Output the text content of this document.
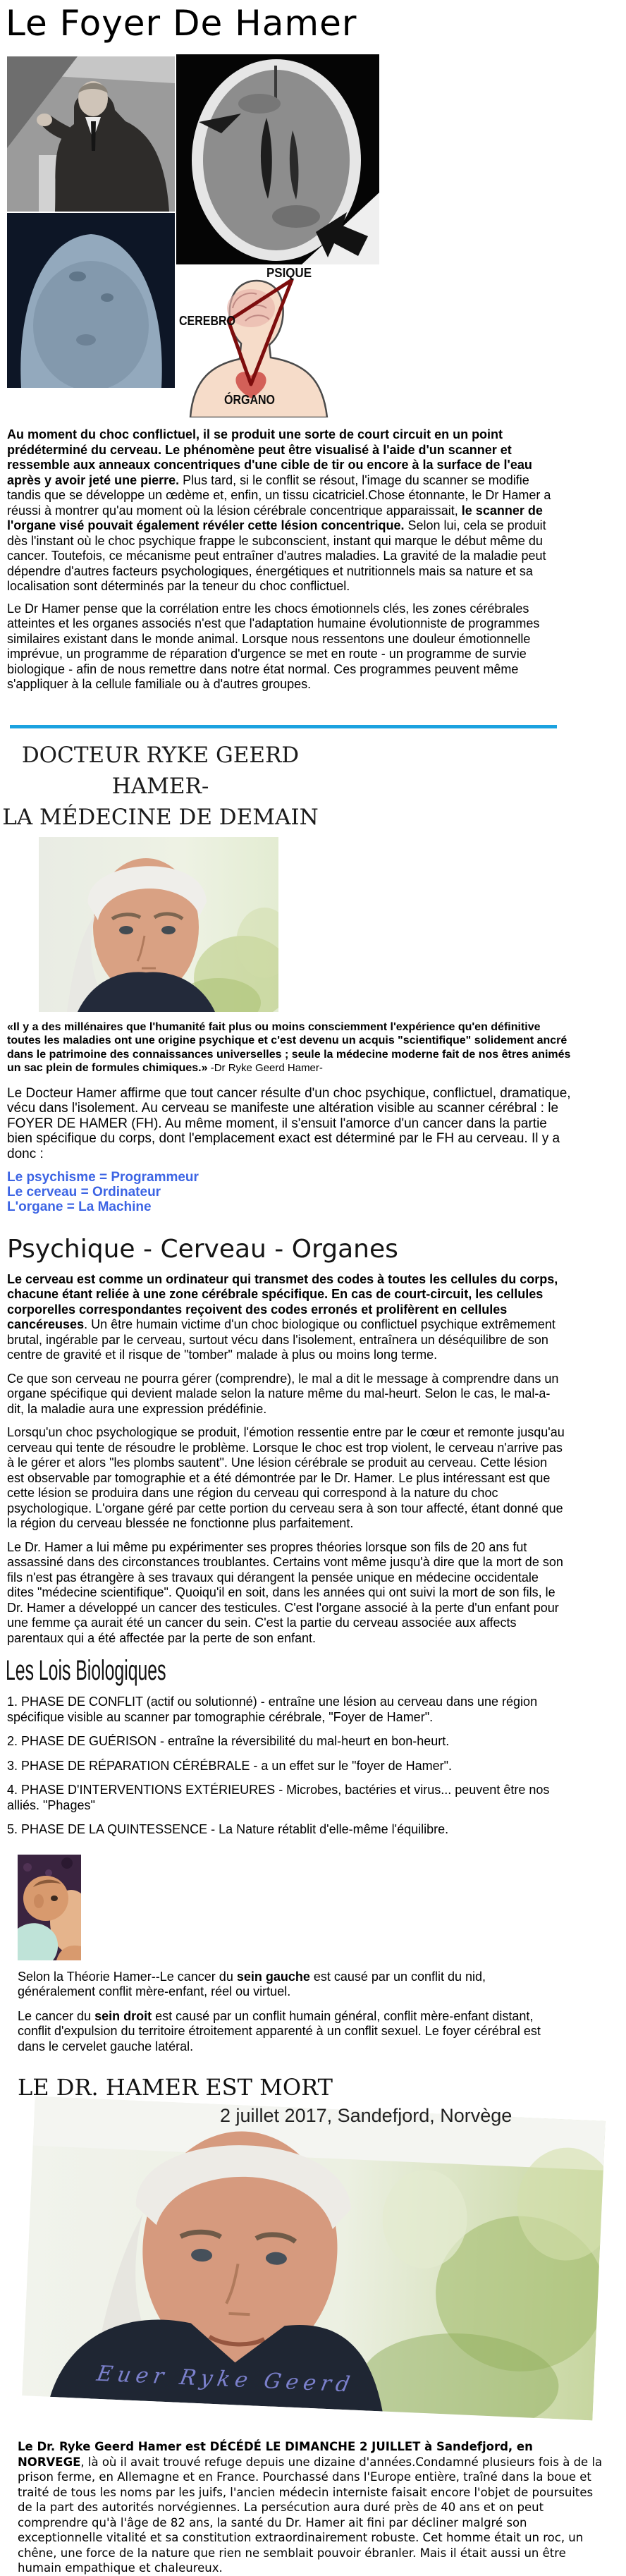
Le Foyer De Hamer
PSIQUE
CEREBRO
ÓRGANO

Au moment du choc conflictuel, il se produit une sorte de court circuit en un point prédéterminé du cerveau. Le phénomène peut être visualisé à l'aide d'un scanner et ressemble aux anneaux concentriques d'une cible de tir ou encore à la surface de l'eau après y avoir jeté une pierre. Plus tard, si le conflit se résout, l'image du scanner se modifie tandis que se développe un œdème et, enfin, un tissu cicatriciel.Chose étonnante, le Dr Hamer a réussi à montrer qu'au moment où la lésion cérébrale concentrique apparaissait, le scanner de l'organe visé pouvait également révéler cette lésion concentrique. Selon lui, cela se produit dès l'instant où le choc psychique frappe le subconscient, instant qui marque le début même du cancer. Toutefois, ce mécanisme peut entraîner d'autres maladies. La gravité de la maladie peut dépendre d'autres facteurs psychologiques, énergétiques et nutritionnels mais sa nature et sa localisation sont déterminés par la teneur du choc conflictuel.

Le Dr Hamer pense que la corrélation entre les chocs émotionnels clés, les zones cérébrales atteintes et les organes associés n'est que l'adaptation humaine évolutionniste de programmes similaires existant dans le monde animal. Lorsque nous ressentons une douleur émotionnelle imprévue, un programme de réparation d'urgence se met en route - un programme de survie biologique - afin de nous remettre dans notre état normal. Ces programmes peuvent même s'appliquer à la cellule familiale ou à d'autres groupes.

DOCTEUR RYKE GEERD HAMER-
LA MÉDECINE DE DEMAIN

«Il y a des millénaires que l'humanité fait plus ou moins consciemment l'expérience qu'en définitive toutes les maladies ont une origine psychique et c'est devenu un acquis "scientifique" solidement ancré dans le patrimoine des connaissances universelles ; seule la médecine moderne fait de nos êtres animés un sac plein de formules chimiques.» -Dr Ryke Geerd Hamer-

Le Docteur Hamer affirme que tout cancer résulte d'un choc psychique, conflictuel, dramatique, vécu dans l'isolement. Au cerveau se manifeste une altération visible au scanner cérébral : le FOYER DE HAMER (FH). Au même moment, il s'ensuit l'amorce d'un cancer dans la partie bien spécifique du corps, dont l'emplacement exact est déterminé par le FH au cerveau. Il y a donc :

Le psychisme = Programmeur
Le cerveau = Ordinateur
L'organe = La Machine
Psychique - Cerveau - Organes

Le cerveau est comme un ordinateur qui transmet des codes à toutes les cellules du corps, chacune étant reliée à une zone cérébrale spécifique. En cas de court-circuit, les cellules corporelles correspondantes reçoivent des codes erronés et prolifèrent en cellules cancéreuses. Un être humain victime d'un choc biologique ou conflictuel psychique extrêmement brutal, ingérable par le cerveau, surtout vécu dans l'isolement, entraînera un déséquilibre de son centre de gravité et il risque de "tomber" malade à plus ou moins long terme.

Ce que son cerveau ne pourra gérer (comprendre), le mal a dit le message à comprendre dans un organe spécifique qui devient malade selon la nature même du mal-heurt. Selon le cas, le mal-a-dit, la maladie aura une expression prédéfinie.

Lorsqu'un choc psychologique se produit, l'émotion ressentie entre par le cœur et remonte jusqu'au cerveau qui tente de résoudre le problème. Lorsque le choc est trop violent, le cerveau n'arrive pas à le gérer et alors "les plombs sautent". Une lésion cérébrale se produit au cerveau. Cette lésion est observable par tomographie et a été démontrée par le Dr. Hamer. Le plus intéressant est que cette lésion se produira dans une région du cerveau qui correspond à la nature du choc psychologique. L'organe géré par cette portion du cerveau sera à son tour affecté, étant donné que la région du cerveau blessée ne fonctionne plus parfaitement.

Le Dr. Hamer a lui même pu expérimenter ses propres théories lorsque son fils de 20 ans fut assassiné dans des circonstances troublantes. Certains vont même jusqu'à dire que la mort de son fils n'est pas étrangère à ses travaux qui dérangent la pensée unique en médecine occidentale dites "médecine scientifique". Quoiqu'il en soit, dans les années qui ont suivi la mort de son fils, le Dr. Hamer a développé un cancer des testicules. C'est l'organe associé à la perte d'un enfant pour une femme ça aurait été un cancer du sein. C'est la partie du cerveau associée aux affects parentaux qui a été affectée par la perte de son enfant.

Les Lois Biologiques
1. PHASE DE CONFLIT (actif ou solutionné) - entraîne une lésion au cerveau dans une région spécifique visible au scanner par tomographie cérébrale, "Foyer de Hamer".
2. PHASE DE GUÉRISON - entraîne la réversibilité du mal-heurt en bon-heurt.
3. PHASE DE RÉPARATION CÉRÉBRALE - a un effet sur le "foyer de Hamer".
4. PHASE D'INTERVENTIONS EXTÉRIEURES - Microbes, bactéries et virus... peuvent être nos alliés. "Phages"
5. PHASE DE LA QUINTESSENCE - La Nature rétablit d'elle-même l'équilibre.

Selon la Théorie Hamer--Le cancer du sein gauche est causé par un conflit du nid, généralement conflit mère-enfant, réel ou virtuel.

Le cancer du sein droit est causé par un conflit humain général, conflit mère-enfant distant, conflit d'expulsion du territoire étroitement apparenté à un conflit sexuel. Le foyer cérébral est dans le cervelet gauche latéral.

LE DR. HAMER EST MORT
2 juillet 2017, Sandefjord, Norvège
Euer Ryke Geerd

Le Dr. Ryke Geerd Hamer est DÉCÉDÉ LE DIMANCHE 2 JUILLET à Sandefjord, en NORVEGE, là où il avait trouvé refuge depuis une dizaine d'années.Condamné plusieurs fois à de la prison ferme, en Allemagne et en France. Pourchassé dans l'Europe entière, traîné dans la boue et traité de tous les noms par les juifs, l'ancien médecin interniste faisait encore l'objet de poursuites de la part des autorités norvégiennes. La persécution aura duré près de 40 ans et on peut comprendre qu'à l'âge de 82 ans, la santé du Dr. Hamer ait fini par décliner malgré son exceptionnelle vitalité et sa constitution extraordinairement robuste. Cet homme était un roc, un chêne, une force de la nature que rien ne semblait pouvoir ébranler. Mais il était aussi un être humain empathique et chaleureux.
